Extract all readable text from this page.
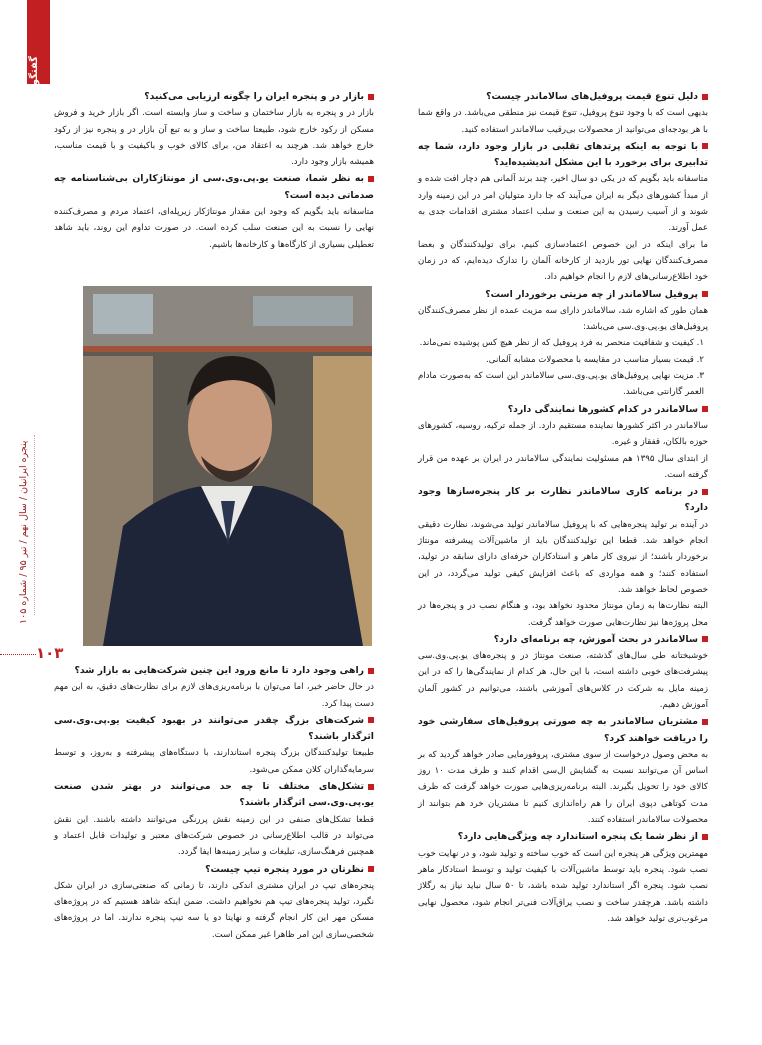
گفتگو
پنجره ایرانیان / سال نهم / تیر ۹۵ / شماره ۱۰۵
۱۰۳
دلیل تنوع قیمت پروفیل‌های سالاماندر چیست؟
بدیهی است که با وجود تنوع پروفیل، تنوع قیمت نیز منطقی می‌باشد. در واقع شما با هر بودجه‌ای می‌توانید از محصولات بی‌رقیب سالاماندر استفاده کنید.
با توجه به اینکه پرتدهای تقلبی در بازار وجود دارد، شما چه تدابیری برای برخورد با این مشکل اندیشیده‌اید؟
متاسفانه باید بگویم که در یکی دو سال اخیر، چند برند آلمانی هم دچار افت شده و از مبدأ کشورهای دیگر به ایران می‌آیند که جا دارد متولیان امر در این زمینه وارد شوند و از آسیب رسیدن به این صنعت و سلب اعتماد مشتری اقدامات جدی به عمل آورند.
ما برای اینکه در این خصوص اعتمادسازی کنیم، برای تولیدکنندگان و بعضا مصرف‌کنندگان نهایی تور بازدید از کارخانه آلمان را تدارک دیده‌ایم، که در زمان خود اطلاع‌رسانی‌های لازم را انجام خواهیم داد.
پروفیل سالاماندر از چه مزیتی برخوردار است؟
همان طور که اشاره شد، سالاماندر دارای سه مزیت عمده از نظر مصرف‌کنندگان پروفیل‌های یو.پی.وی.سی می‌باشد:
۱. کیفیت و شفافیت منحصر به فرد پروفیل که از نظر هیچ کس پوشیده نمی‌ماند.
۲. قیمت بسیار مناسب در مقایسه با محصولات مشابه آلمانی.
۳. مزیت نهایی پروفیل‌های یو.پی.وی.سی سالاماندر این است که به‌صورت مادام العمر گارانتی می‌باشد.
سالاماندر در کدام کشورها نمایندگی دارد؟
سالاماندر در اکثر کشورها نماینده مستقیم دارد. از جمله ترکیه، روسیه، کشورهای حوزه بالکان، قفقاز و غیره.
از ابتدای سال ۱۳۹۵ هم مسئولیت نمایندگی سالاماندر در ایران بر عهده من قرار گرفته است.
در برنامه کاری سالاماندر نظارت بر کار پنجره‌سازها وجود دارد؟
در آینده بر تولید پنجره‌هایی که با پروفیل سالاماندر تولید می‌شوند، نظارت دقیقی انجام خواهد شد. قطعا این تولیدکنندگان باید از ماشین‌آلات پیشرفته مونتاژ برخوردار باشند؛ از نیروی کار ماهر و استادکاران حرفه‌ای دارای سابقه در تولید، استفاده کنند؛ و همه مواردی که باعث افزایش کیفی تولید می‌گردد، در این خصوص لحاظ خواهد شد.
البته نظارت‌ها به زمان مونتاژ محدود نخواهد بود، و هنگام نصب در و پنجره‌ها در محل پروژه‌ها نیز نظارت‌هایی صورت خواهد گرفت.
سالاماندر در بحث آموزش، چه برنامه‌ای دارد؟
خوشبختانه طی سال‌های گذشته، صنعت مونتاژ در و پنجره‌های یو.پی.وی.سی پیشرفت‌های خوبی داشته است، با این حال، هر کدام از نمایندگی‌ها را که در این زمینه مایل به شرکت در کلاس‌های آموزشی باشند، می‌توانیم در کشور آلمان آموزش دهیم.
مشتریان سالاماندر به چه صورتی پروفیل‌های سفارشی خود را دریافت خواهند کرد؟
به محض وصول درخواست از سوی مشتری، پروفورمایی صادر خواهد گردید که بر اساس آن می‌توانند نسبت به گشایش ال‌سی اقدام کنند و ظرف مدت ۱۰ روز کالای خود را تحویل بگیرند. البته برنامه‌ریزی‌هایی صورت خواهد گرفت که ظرف مدت کوتاهی دپوی ایران را هم راه‌اندازی کنیم تا مشتریان خرد هم بتوانند از محصولات سالاماندر استفاده کنند.
از نظر شما یک پنجره استاندارد چه ویژگی‌هایی دارد؟
مهمترین ویژگی هر پنجره این است که خوب ساخته و تولید شود، و در نهایت خوب نصب شود. پنجره باید توسط ماشین‌آلات با کیفیت تولید و توسط استادکار ماهر نصب شود. پنجره اگر استاندارد تولید شده باشد، تا ۵۰ سال نباید نیاز به رگلاژ داشته باشد. هرچقدر ساخت و نصب یراق‌آلات فنی‌تر انجام شود، محصول نهایی مرغوب‌تری تولید خواهد شد.
بازار در و پنجره ایران را چگونه ارزیابی می‌کنید؟
بازار در و پنجره به بازار ساختمان و ساخت و ساز وابسته است. اگر بازار خرید و فروش مسکن از رکود خارج شود، طبیعتا ساخت و ساز و به تبع آن بازار در و پنجره نیز از رکود خارج خواهد شد. هرچند به اعتقاد من، برای کالای خوب و باکیفیت و با قیمت مناسب، همیشه بازار وجود دارد.
به نظر شما، صنعت یو.پی.وی.سی از مونتاژکاران بی‌شناسنامه چه صدماتی دیده است؟
متاسفانه باید بگویم که وجود این مقدار مونتاژکار زیرپله‌ای، اعتماد مردم و مصرف‌کننده نهایی را نسبت به این صنعت سلب کرده است. در صورت تداوم این روند، باید شاهد تعطیلی بسیاری از کارگاه‌ها و کارخانه‌ها باشیم.
راهی وجود دارد تا مانع ورود این چنین شرکت‌هایی به بازار شد؟
در حال حاضر خیر، اما می‌توان با برنامه‌ریزی‌های لازم برای نظارت‌های دقیق، به این مهم دست پیدا کرد.
شرکت‌های بزرگ چقدر می‌توانند در بهبود کیفیت یو.پی.وی.سی اثرگذار باشند؟
طبیعتا تولیدکنندگان بزرگ پنجره استاندارند، با دستگاه‌های پیشرفته و به‌روز، و توسط سرمایه‌گذاران کلان ممکن می‌شود.
تشکل‌های مختلف تا چه حد می‌توانند در بهتر شدن صنعت یو.پی.وی.سی اثرگذار باشند؟
قطعا تشکل‌های صنفی در این زمینه نقش پررنگی می‌توانند داشته باشند. این نقش می‌تواند در قالب اطلاع‌رسانی در خصوص شرکت‌های معتبر و تولیدات قابل اعتماد و همچنین فرهنگ‌سازی، تبلیغات و سایر زمینه‌ها ایفا گردد.
نظرتان در مورد پنجره تیپ چیست؟
پنجره‌های تیپ در ایران مشتری اندکی دارند، تا زمانی که صنعتی‌سازی در ایران شکل نگیرد، تولید پنجره‌های تیپ هم نخواهیم داشت. ضمن اینکه شاهد هستیم که در پروژه‌های مسکن مهر این کار انجام گرفته و نهایتا دو یا سه تیپ پنجره ندارند. اما در پروژه‌های شخصی‌سازی این امر ظاهرا غیر ممکن است.
